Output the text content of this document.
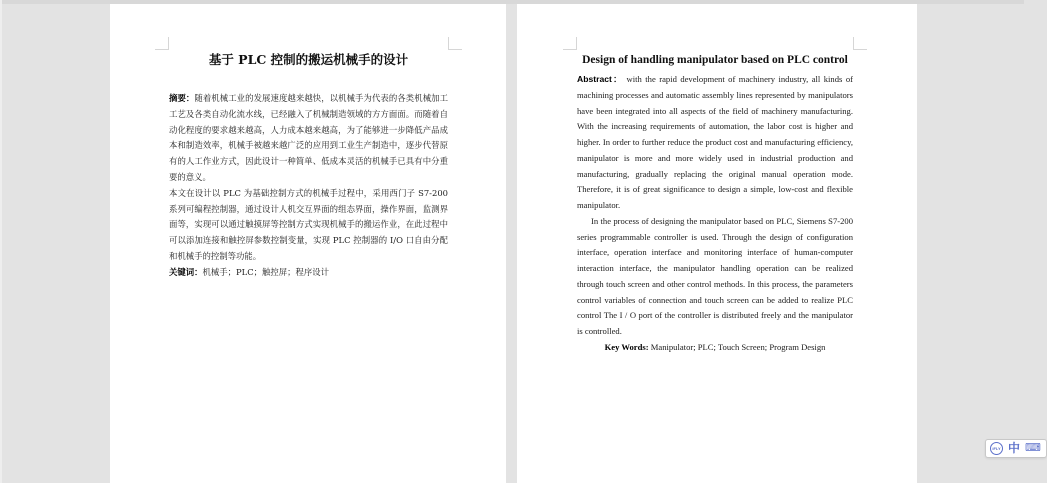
基于 PLC 控制的搬运机械手的设计

摘要：随着机械工业的发展速度越来越快，以机械手为代表的各类机械加工工艺及各类自动化流水线，已经融入了机械制造领域的方方面面。而随着自动化程度的要求越来越高，人力成本越来越高，为了能够进一步降低产品成本和制造效率，机械手被越来越广泛的应用到工业生产制造中，逐步代替原有的人工作业方式，因此设计一种简单、低成本灵活的机械手已具有中分重要的意义。

本文在设计以 PLC 为基础控制方式的机械手过程中，采用西门子 S7-200 系列可编程控制器，通过设计人机交互界面的组态界面，操作界面，监测界面等，实现可以通过触摸屏等控制方式实现机械手的搬运作业，在此过程中可以添加连接和触控屏参数控制变量，实现 PLC 控制器的 I/O 口自由分配和机械手的控制等功能。

关键词：机械手；PLC；触控屏；程序设计

Design of handling manipulator based on PLC control

Abstract： with the rapid development of machinery industry, all kinds of machining processes and automatic assembly lines represented by manipulators have been integrated into all aspects of the field of machinery manufacturing. With the increasing requirements of automation, the labor cost is higher and higher. In order to further reduce the product cost and manufacturing efficiency, manipulator is more and more widely used in industrial production and manufacturing, gradually replacing the original manual operation mode. Therefore, it is of great significance to design a simple, low-cost and flexible manipulator.

In the process of designing the manipulator based on PLC, Siemens S7-200 series programmable controller is used. Through the design of configuration interface, operation interface and monitoring interface of human-computer interaction interface, the manipulator handling operation can be realized through touch screen and other control methods. In this process, the parameters control variables of connection and touch screen can be added to realize PLC control The I / O port of the controller is distributed freely and the manipulator is controlled.

Key Words: Manipulator; PLC; Touch Screen; Program Design

iFLY 中 ⌨
